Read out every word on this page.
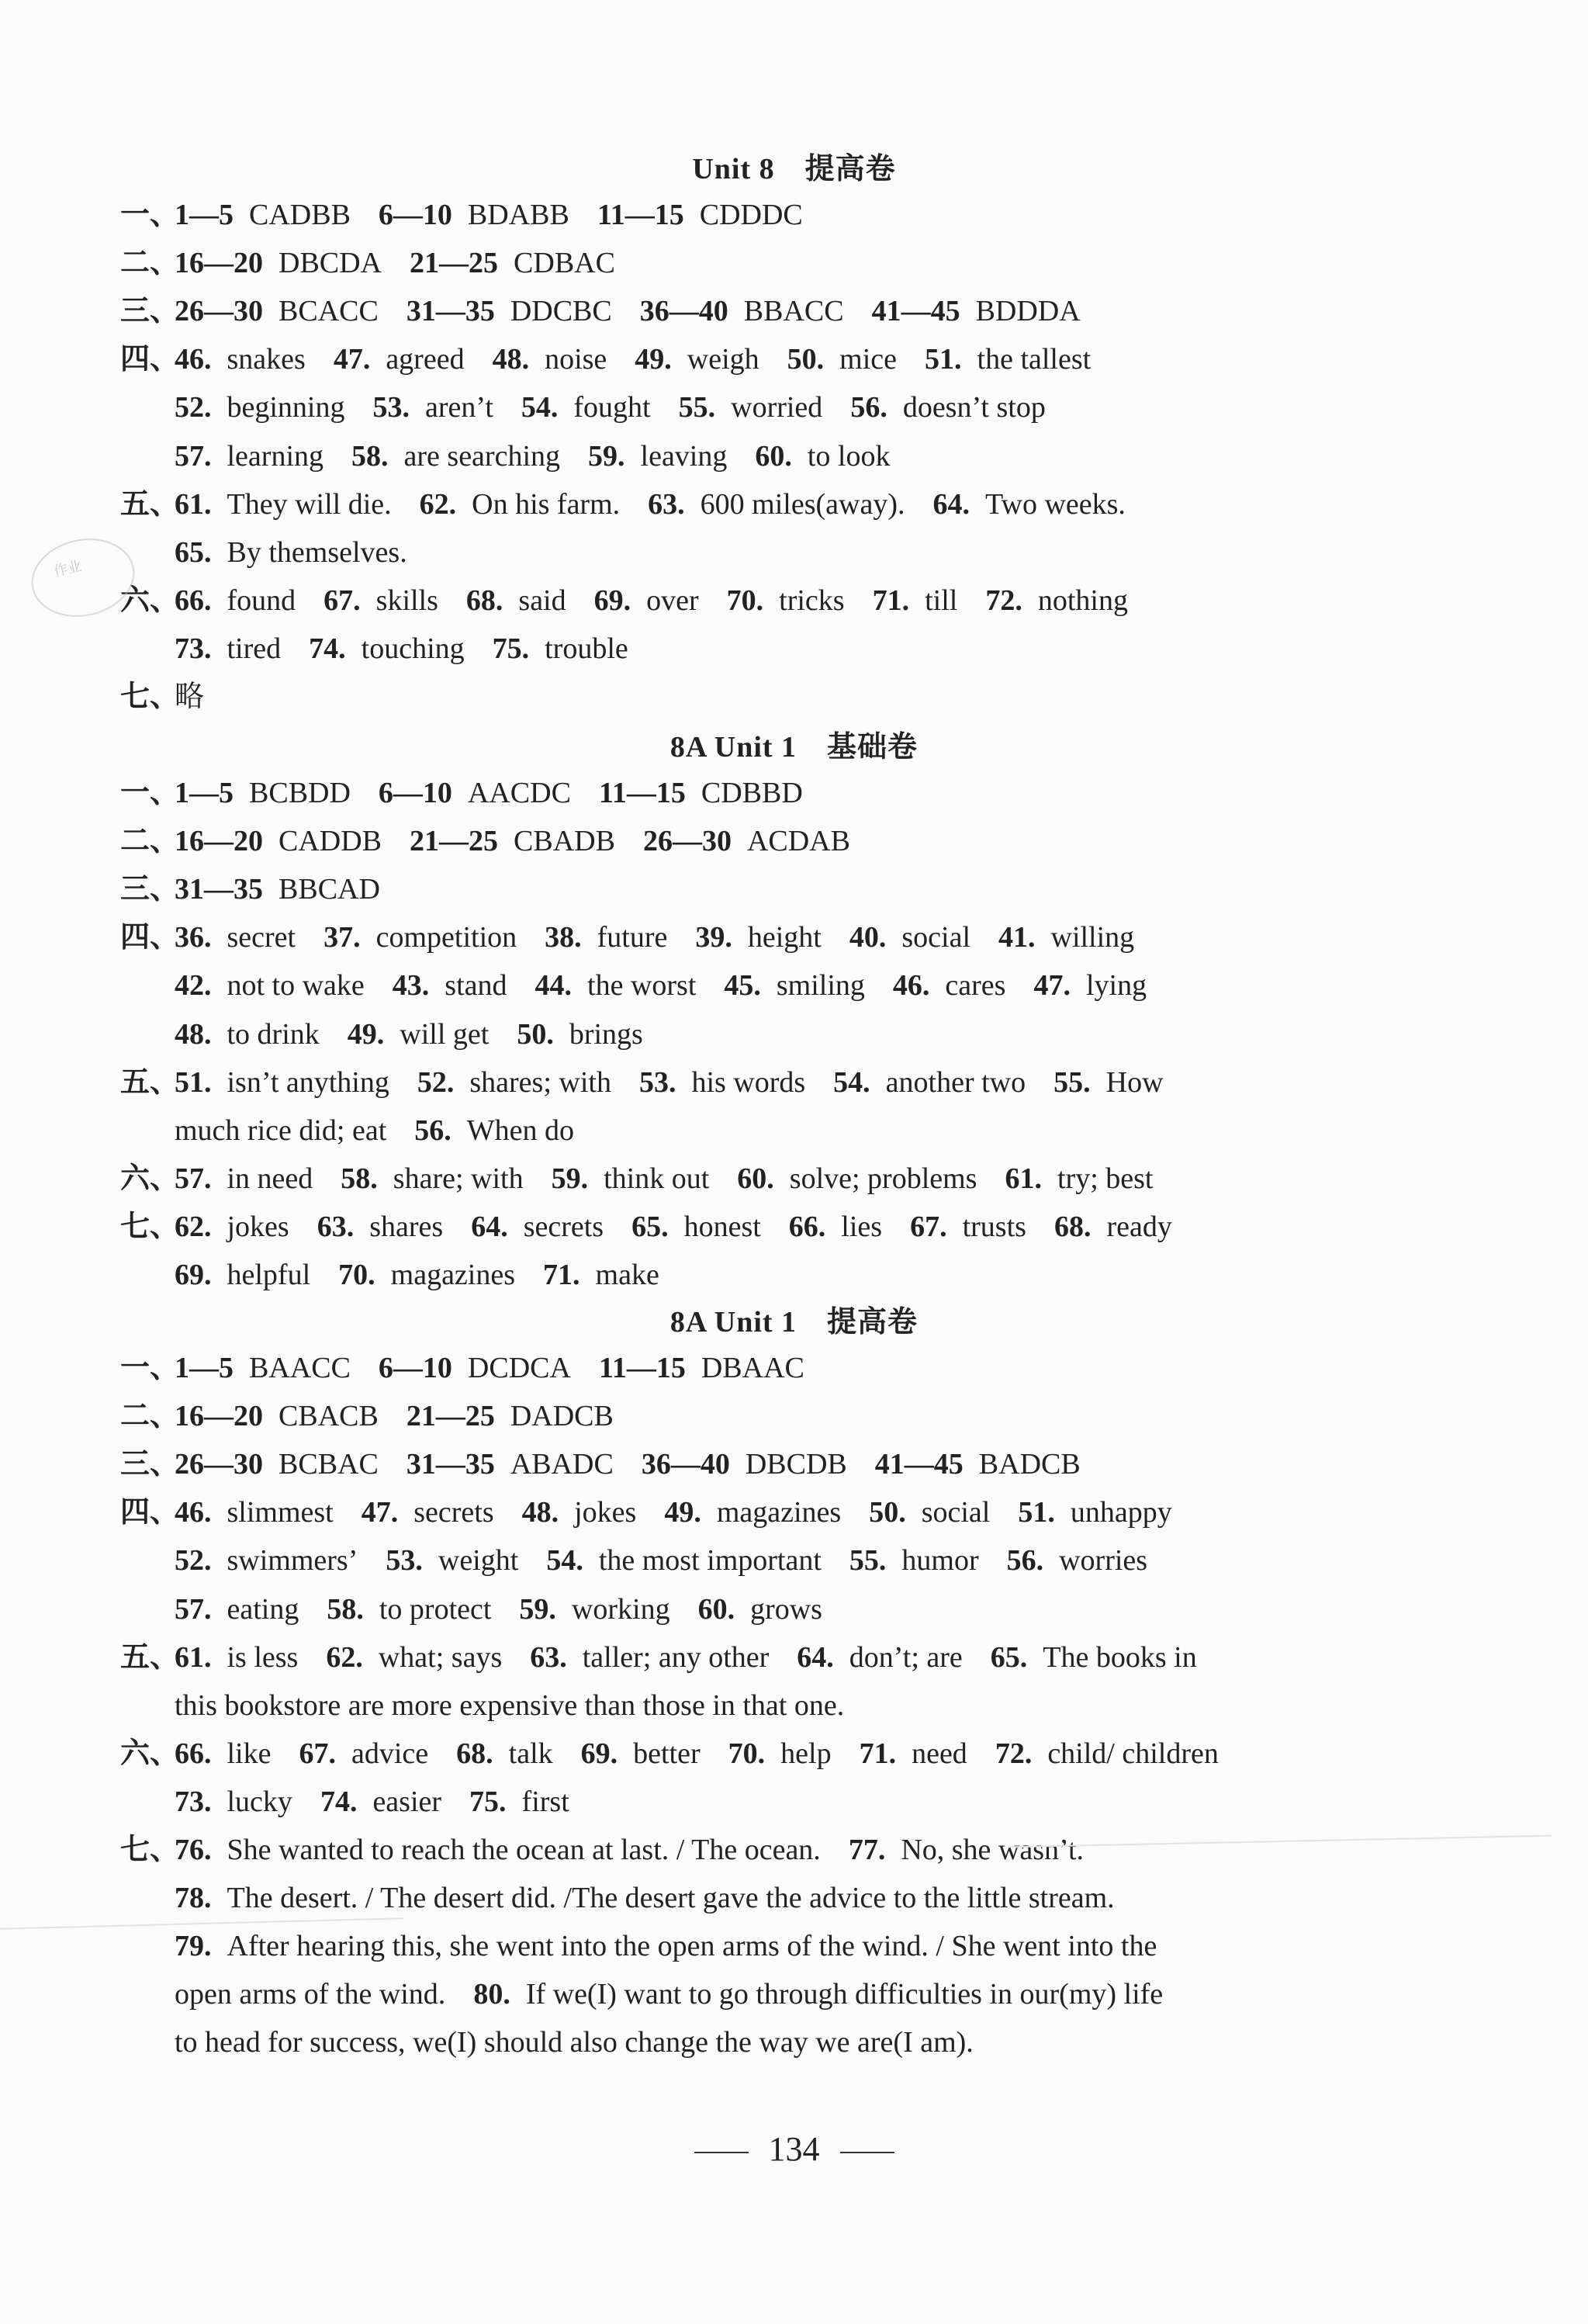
Unit 8　提高卷
一、1—5 CADBB 6—10 BDABB 11—15 CDDDC
二、16—20 DBCDA 21—25 CDBAC
三、26—30 BCACC 31—35 DDCBC 36—40 BBACC 41—45 BDDDA
四、46. snakes 47. agreed 48. noise 49. weigh 50. mice 51. the tallest
52. beginning 53. aren’t 54. fought 55. worried 56. doesn’t stop
57. learning 58. are searching 59. leaving 60. to look
五、61. They will die. 62. On his farm. 63. 600 miles(away). 64. Two weeks.
65. By themselves.
六、66. found 67. skills 68. said 69. over 70. tricks 71. till 72. nothing
73. tired 74. touching 75. trouble
七、略
8A Unit 1　基础卷
一、1—5 BCBDD 6—10 AACDC 11—15 CDBBD
二、16—20 CADDB 21—25 CBADB 26—30 ACDAB
三、31—35 BBCAD
四、36. secret 37. competition 38. future 39. height 40. social 41. willing
42. not to wake 43. stand 44. the worst 45. smiling 46. cares 47. lying
48. to drink 49. will get 50. brings
五、51. isn’t anything 52. shares; with 53. his words 54. another two 55. How
much rice did; eat 56. When do
六、57. in need 58. share; with 59. think out 60. solve; problems 61. try; best
七、62. jokes 63. shares 64. secrets 65. honest 66. lies 67. trusts 68. ready
69. helpful 70. magazines 71. make
8A Unit 1　提高卷
一、1—5 BAACC 6—10 DCDCA 11—15 DBAAC
二、16—20 CBACB 21—25 DADCB
三、26—30 BCBAC 31—35 ABADC 36—40 DBCDB 41—45 BADCB
四、46. slimmest 47. secrets 48. jokes 49. magazines 50. social 51. unhappy
52. swimmers’ 53. weight 54. the most important 55. humor 56. worries
57. eating 58. to protect 59. working 60. grows
五、61. is less 62. what; says 63. taller; any other 64. don’t; are 65. The books in
this bookstore are more expensive than those in that one.
六、66. like 67. advice 68. talk 69. better 70. help 71. need 72. child/ children
73. lucky 74. easier 75. first
七、76. She wanted to reach the ocean at last. / The ocean. 77. No, she wasn’t.
78. The desert. / The desert did. /The desert gave the advice to the little stream.
79. After hearing this, she went into the open arms of the wind. / She went into the
open arms of the wind. 80. If we(I) want to go through difficulties in our(my) life
to head for success, we(I) should also change the way we are(I am).
作业
134
